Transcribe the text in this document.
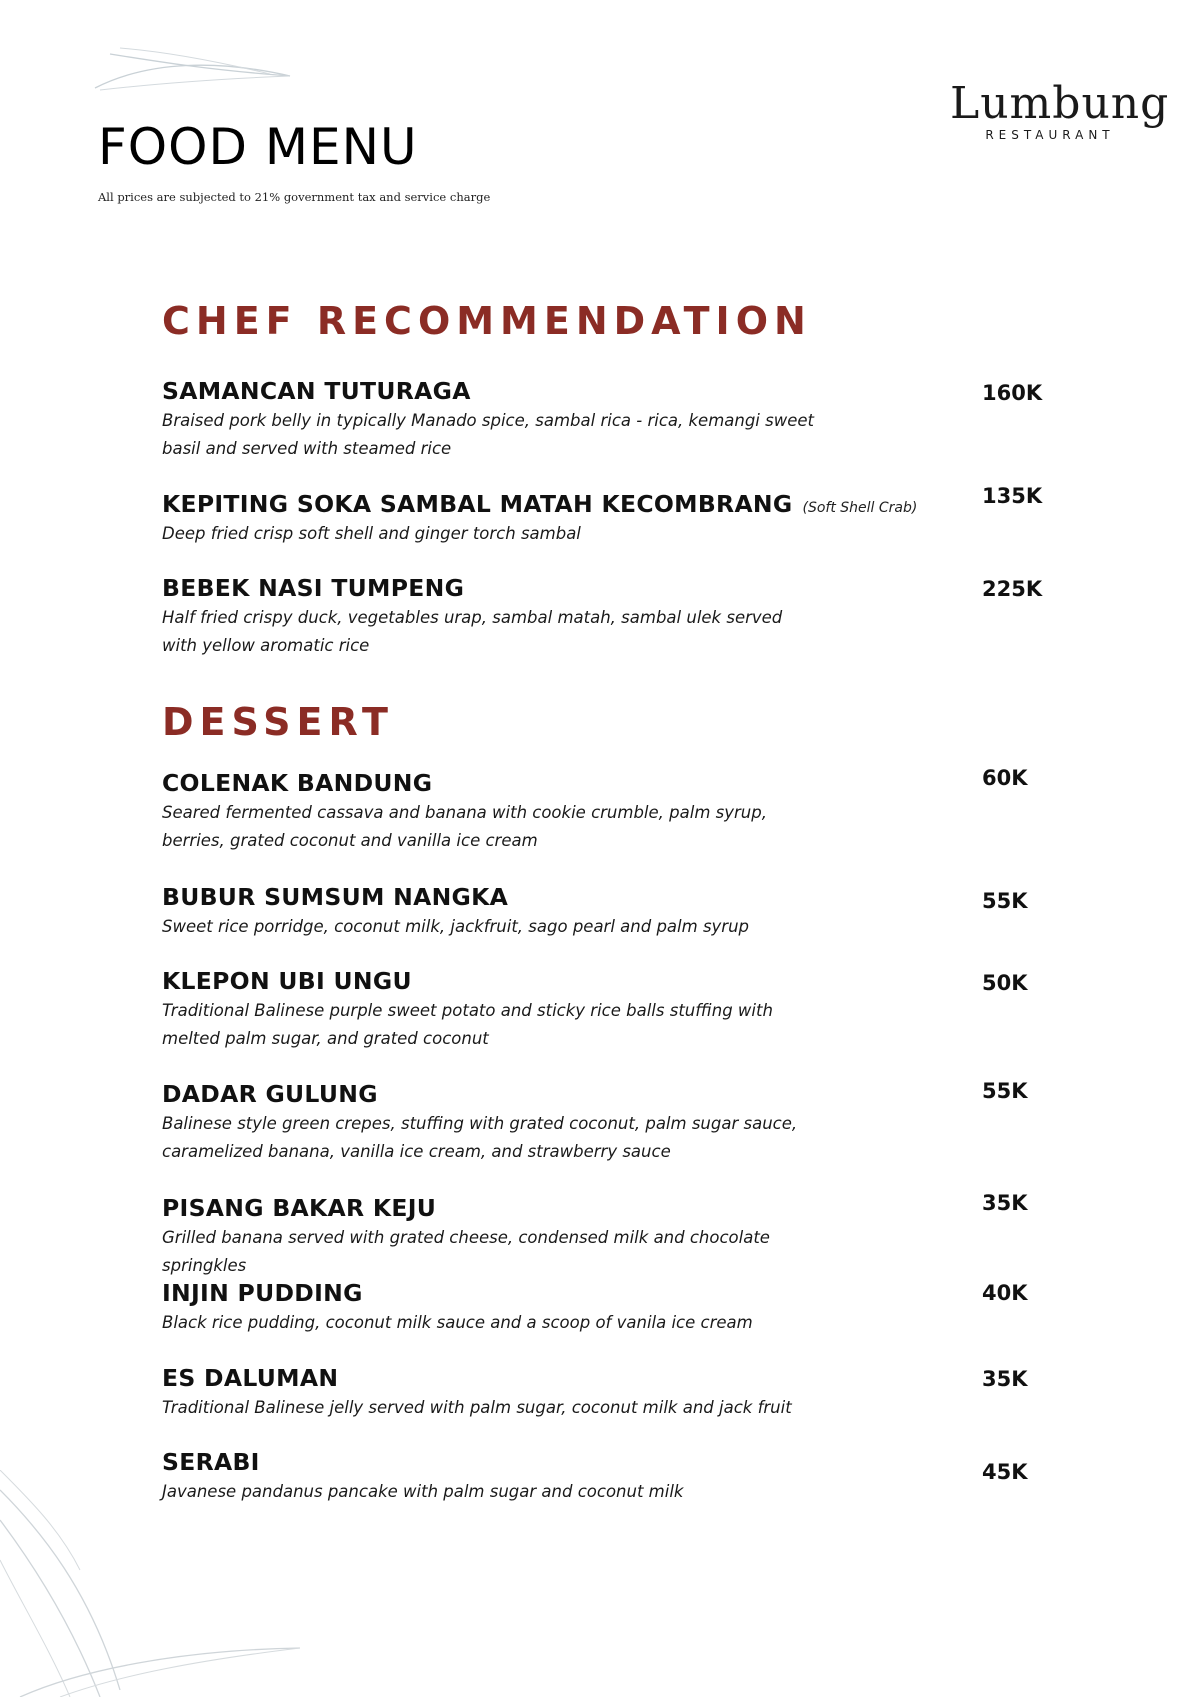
FOOD MENU
All prices are subjected to 21% government tax and service charge
Lumbung
RESTAURANT
CHEF RECOMMENDATION
SAMANCAN TUTURAGA
Braised pork belly in typically Manado spice, sambal rica - rica, kemangi sweet basil and served with steamed rice
160K
KEPITING SOKA SAMBAL MATAH KECOMBRANG (Soft Shell Crab)
Deep fried crisp soft shell and ginger torch sambal
135K
BEBEK NASI TUMPENG
Half fried crispy duck, vegetables urap, sambal matah, sambal ulek served with yellow aromatic rice
225K
DESSERT
COLENAK BANDUNG
Seared fermented cassava and banana with cookie crumble, palm syrup, berries, grated coconut and vanilla ice cream
60K
BUBUR SUMSUM NANGKA
Sweet rice porridge, coconut milk, jackfruit, sago pearl and palm syrup
55K
KLEPON UBI UNGU
Traditional Balinese purple sweet potato and sticky rice balls stuffing with melted palm sugar, and grated coconut
50K
DADAR GULUNG
Balinese style green crepes, stuffing with grated coconut, palm sugar sauce, caramelized banana, vanilla ice cream, and strawberry sauce
55K
PISANG BAKAR KEJU
Grilled banana served with grated cheese, condensed milk and chocolate springkles
35K
INJIN PUDDING
Black rice pudding, coconut milk sauce and a scoop of vanila ice cream
40K
ES DALUMAN
Traditional Balinese jelly served with palm sugar, coconut milk and jack fruit
35K
SERABI
Javanese pandanus pancake with palm sugar and coconut milk
45K
